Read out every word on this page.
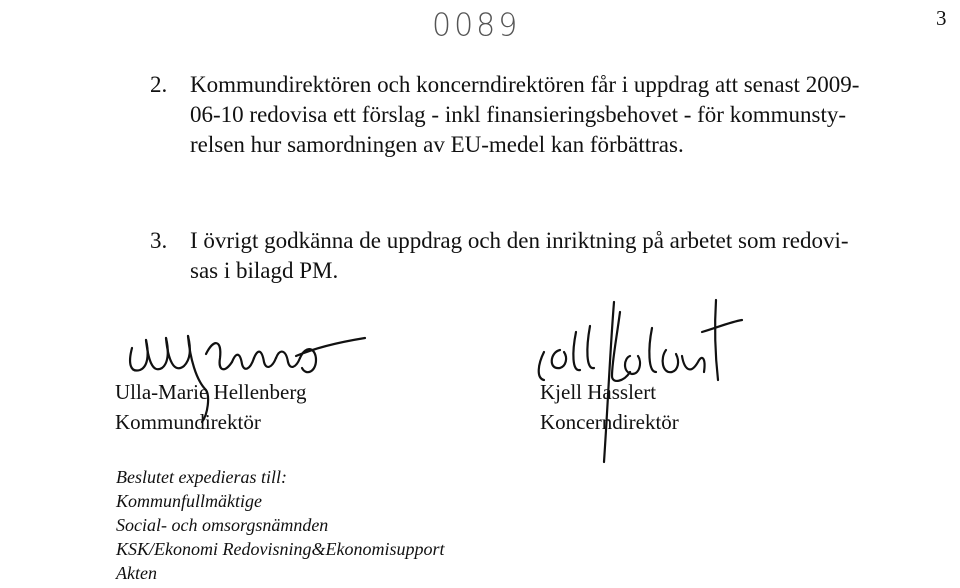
0089	3
2. Kommundirektören och koncerndirektören får i uppdrag att senast 2009-
06-10 redovisa ett förslag - inkl finansieringsbehovet - för kommunsty-
relsen hur samordningen av EU-medel kan förbättras.
3. I övrigt godkänna de uppdrag och den inriktning på arbetet som redovi-
sas i bilagd PM.
Ulla-Marie Hellenberg
Kommundirektör
Kjell Hasslert
Koncerndirektör
Beslutet expedieras till:
Kommunfullmäktige
Social- och omsorgsnämnden
KSK/Ekonomi Redovisning&Ekonomisupport
Akten
